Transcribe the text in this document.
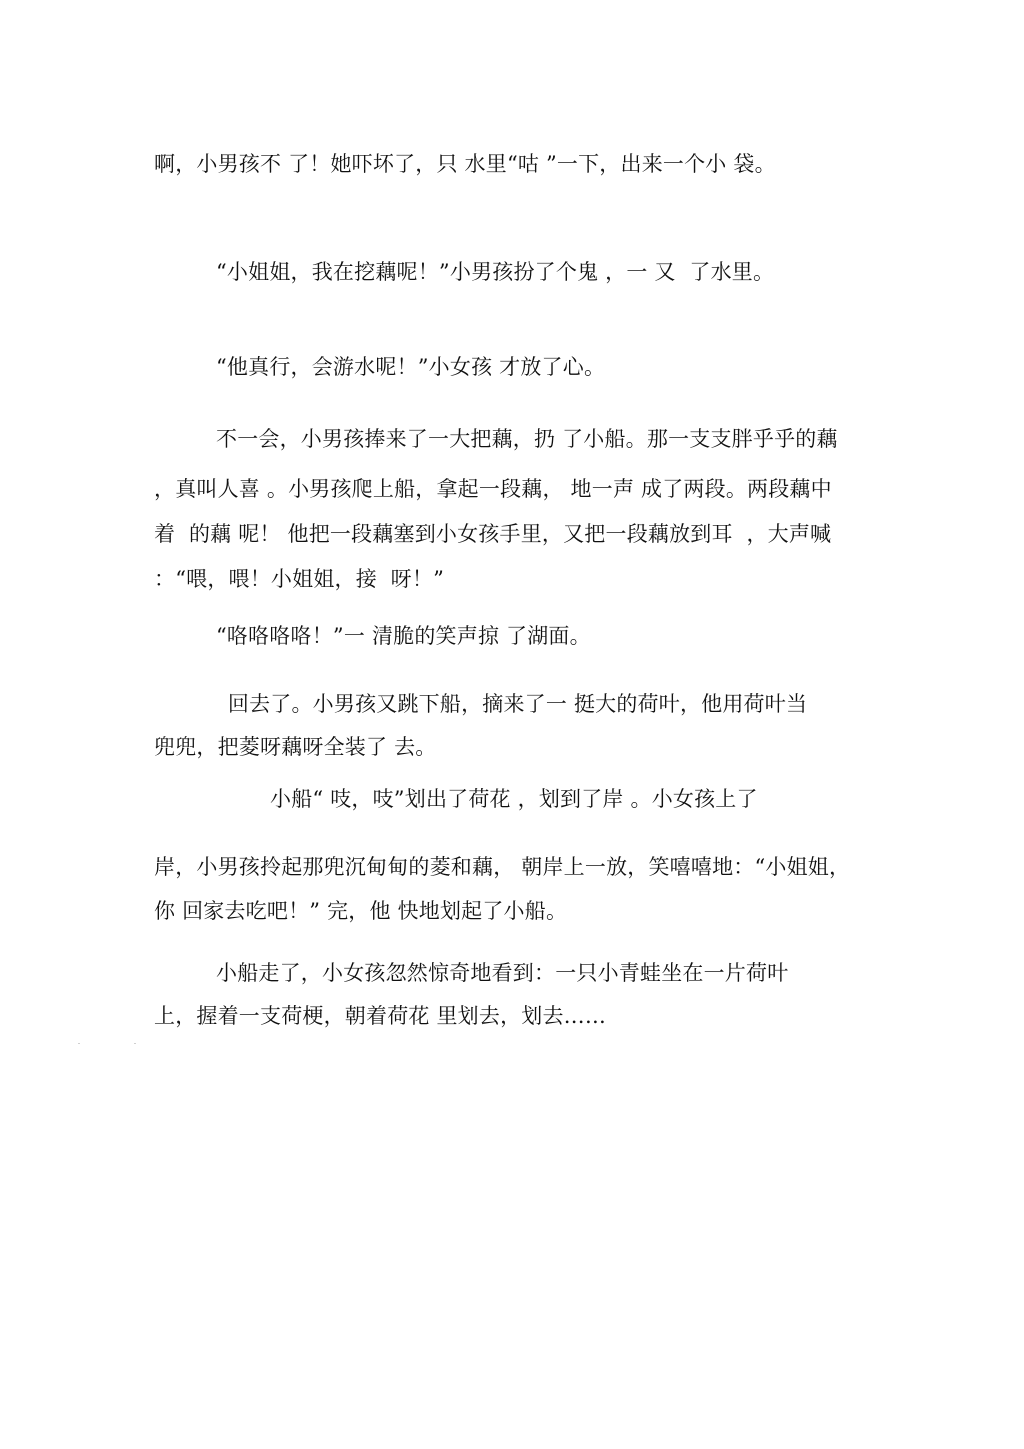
啊，小男孩不 了！她吓坏了，只 水里“咕 ”一下，出来一个小 袋。
“小姐姐，我在挖藕呢！”小男孩扮了个鬼 ，一 又  了水里。
“他真行，会游水呢！”小女孩 才放了心。
不一会，小男孩捧来了一大把藕，扔 了小船。那一支支胖乎乎的藕
，真叫人喜 。小男孩爬上船，拿起一段藕， 地一声 成了两段。两段藕中
着  的藕 呢！ 他把一段藕塞到小女孩手里，又把一段藕放到耳  ，大声喊
：“喂，喂！小姐姐，接  呀！”
“咯咯咯咯！”一 清脆的笑声掠 了湖面。
回去了。小男孩又跳下船，摘来了一 挺大的荷叶，他用荷叶当
兜兜，把菱呀藕呀全装了 去。
小船“ 吱，吱”划出了荷花 ，划到了岸 。小女孩上了
岸，小男孩拎起那兜沉甸甸的菱和藕， 朝岸上一放，笑嘻嘻地：“小姐姐，
你 回家去吃吧！” 完，他 快地划起了小船。
小船走了，小女孩忽然惊奇地看到：一只小青蛙坐在一片荷叶
上，握着一支荷梗，朝着荷花 里划去，划去……
